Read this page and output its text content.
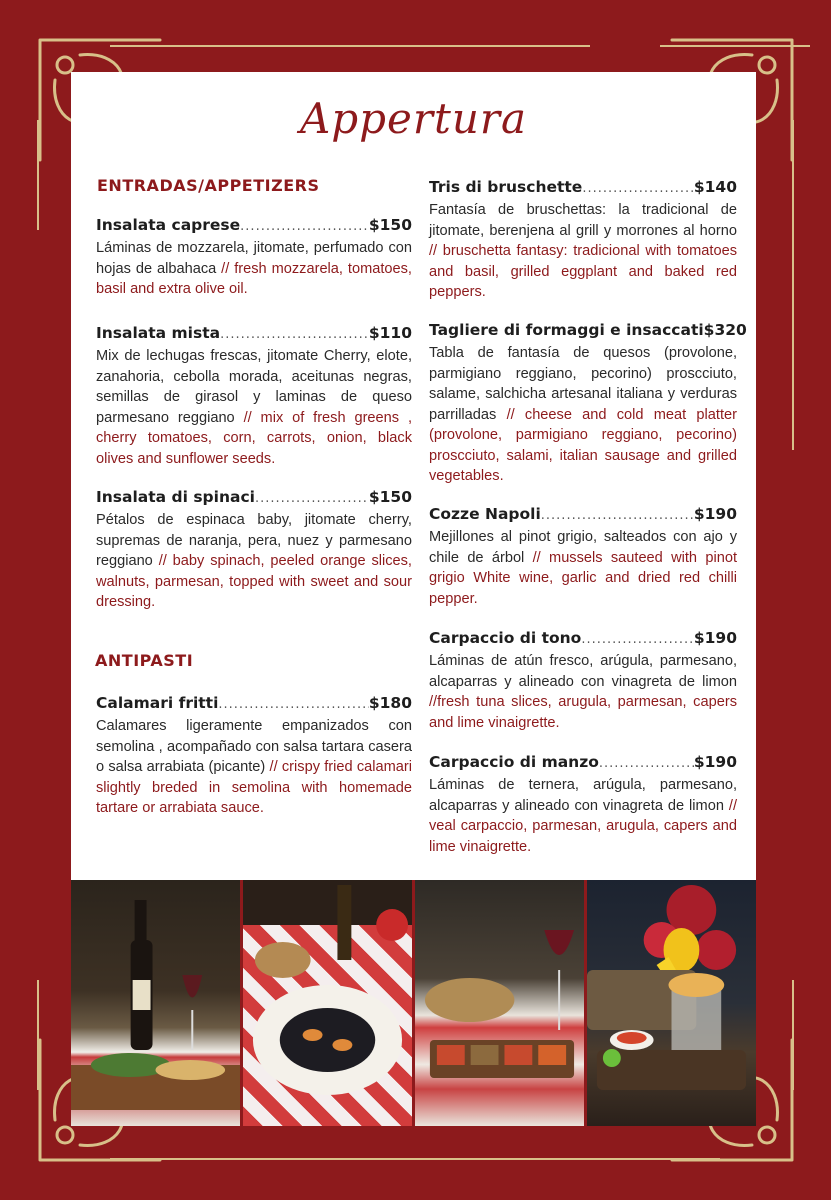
Appertura
ENTRADAS/APPETIZERS
Insalata caprese .....	$150

Láminas de mozzarela, jitomate, perfumado con hojas de albahaca // fresh mozzarela, tomatoes, basil and extra olive oil.

Insalata mista .....	$110

Mix de lechugas frescas, jitomate Cherry, elote, zanahoria, cebolla morada, aceitunas negras, semillas de girasol y laminas de queso parmesano reggiano // mix of fresh greens , cherry tomatoes, corn, carrots, onion, black olives and sunflower seeds.

Insalata di spinaci .....	$150

Pétalos de espinaca baby, jitomate cherry, supremas de naranja, pera, nuez y parmesano reggiano // baby spinach, peeled orange slices, walnuts, parmesan, topped with sweet and sour dressing.

ANTIPASTI
Calamari fritti .....	$180

Calamares ligeramente empanizados con semolina , acompañado con salsa tartara casera o salsa arrabiata (picante) // crispy fried calamari slightly breded in semolina with homemade tartare or arrabiata sauce.

Tris di bruschette .....	$140

Fantasía de bruschettas: la tradicional de jitomate, berenjena al grill y morrones al horno // bruschetta fantasy: tradicional with tomatoes and basil, grilled eggplant and baked red peppers.

Tagliere di formaggi e insaccati $320

Tabla de fantasía de quesos (provolone, parmigiano reggiano, pecorino) proscciuto, salame, salchicha artesanal italiana y verduras parrilladas // cheese and cold meat platter (provolone, parmigiano reggiano, pecorino) proscciuto, salami, italian sausage and grilled vegetables.

Cozze Napoli .....	$190

Mejillones al pinot grigio, salteados con ajo y chile de árbol // mussels sauteed with pinot grigio White wine, garlic and dried red chilli pepper.

Carpaccio di tono .....	$190

Láminas de atún fresco, arúgula, parmesano, alcaparras y alineado con vinagreta de limon //fresh tuna slices, arugula, parmesan, capers and lime vinaigrette.

Carpaccio di manzo .....	$190

Láminas de ternera, arúgula, parmesano, alcaparras y alineado con vinagreta de limon // veal carpaccio, parmesan, arugula, capers and lime vinaigrette.
